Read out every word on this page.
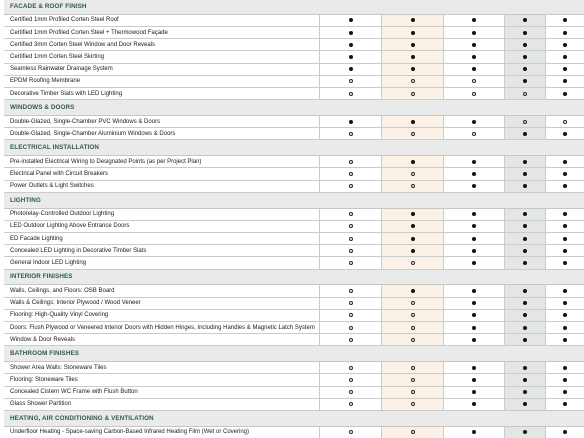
FACADE & ROOF FINISH
Certified 1mm Profiled Corten Steel Roof
Certified 1mm Profiled Corten Steel + Thermowood Façade
Certified 3mm Corten Steel Window and Door Reveals
Certified 1mm Corten Steel Skirting
Seamless Rainwater Drainage System
EPDM Roofing Membrane
Decorative Timber Slats with LED Lighting
WINDOWS & DOORS
Double-Glazed, Single-Chamber PVC Windows & Doors
Double-Glazed, Single-Chamber Aluminium Windows & Doors
ELECTRICAL INSTALLATION
Pre-installed Electrical Wiring to Designated Points (as per Project Plan)
Electrical Panel with Circuit Breakers
Power Outlets & Light Switches
LIGHTING
Photorelay-Controlled Outdoor Lighting
LED Outdoor Lighting Above Entrance Doors
ED Facade Lighting
Concealed LED Lighting in Decorative Timber Slats
General Indoor LED Lighting
INTERIOR FINISHES
Walls, Ceilings, and Floors: OSB Board
Walls & Ceilings: Interior Plywood / Wood Veneer
Flooring: High-Quality Vinyl Covering
Doors: Flush Plywood or Veneered Interior Doors with Hidden Hinges, Including Handles & Magnetic Latch System
Window & Door Reveals
BATHROOM FINISHES
Shower Area Walls: Stoneware Tiles
Flooring: Stoneware Tiles
Concealed Cistern WC Frame with Flush Button
Glass Shower Partition
HEATING, AIR CONDITIONING & VENTILATION
Underfloor Heating - Space-saving Carbon-Based Infrared Heating Film (Wet or Covering)
